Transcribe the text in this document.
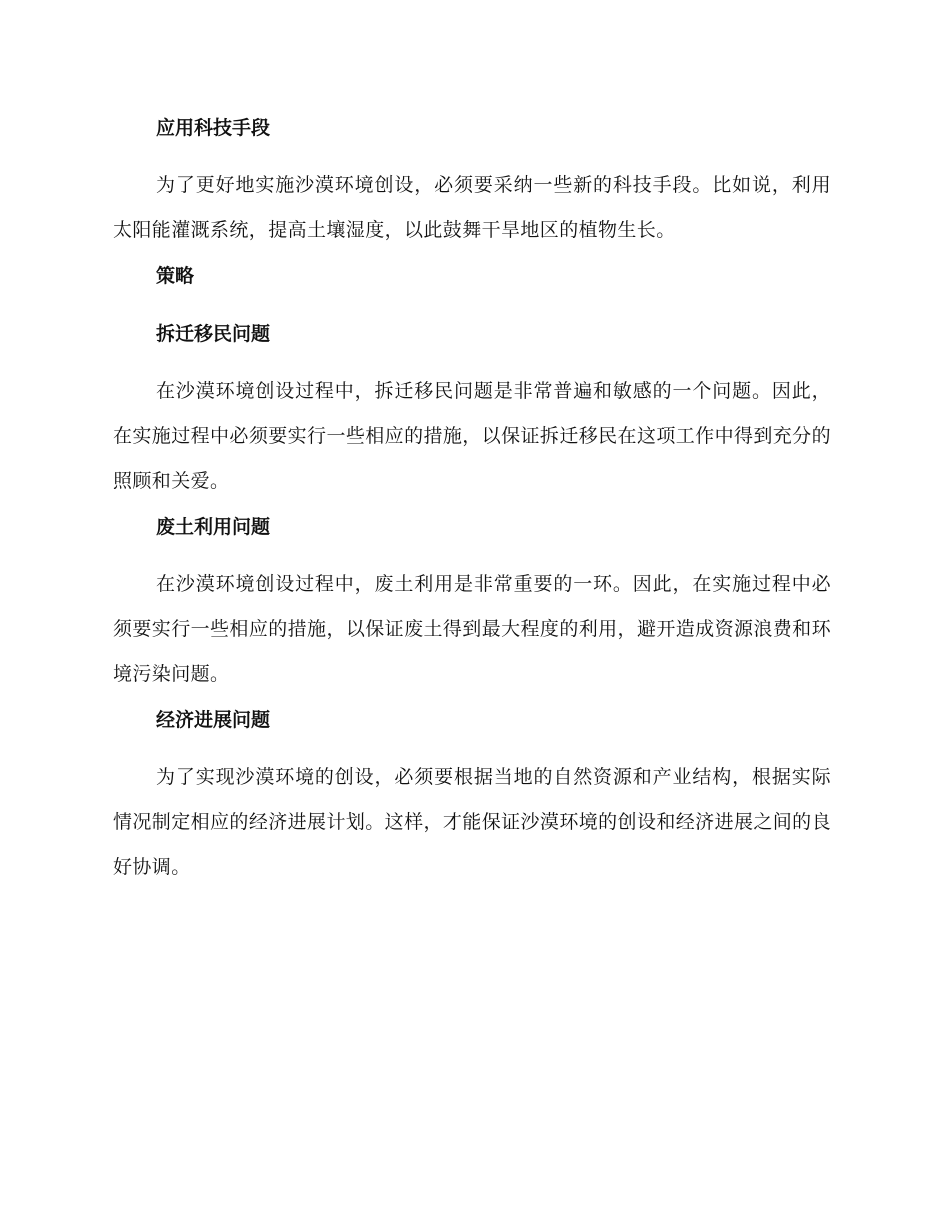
应用科技手段

为了更好地实施沙漠环境创设，必须要采纳一些新的科技手段。比如说，利用太阳能灌溉系统，提高土壤湿度，以此鼓舞干旱地区的植物生长。

策略
拆迁移民问题

在沙漠环境创设过程中，拆迁移民问题是非常普遍和敏感的一个问题。因此，在实施过程中必须要实行一些相应的措施，以保证拆迁移民在这项工作中得到充分的照顾和关爱。

废土利用问题

在沙漠环境创设过程中，废土利用是非常重要的一环。因此，在实施过程中必须要实行一些相应的措施，以保证废土得到最大程度的利用，避开造成资源浪费和环境污染问题。

经济进展问题

为了实现沙漠环境的创设，必须要根据当地的自然资源和产业结构，根据实际情况制定相应的经济进展计划。这样，才能保证沙漠环境的创设和经济进展之间的良好协调。
